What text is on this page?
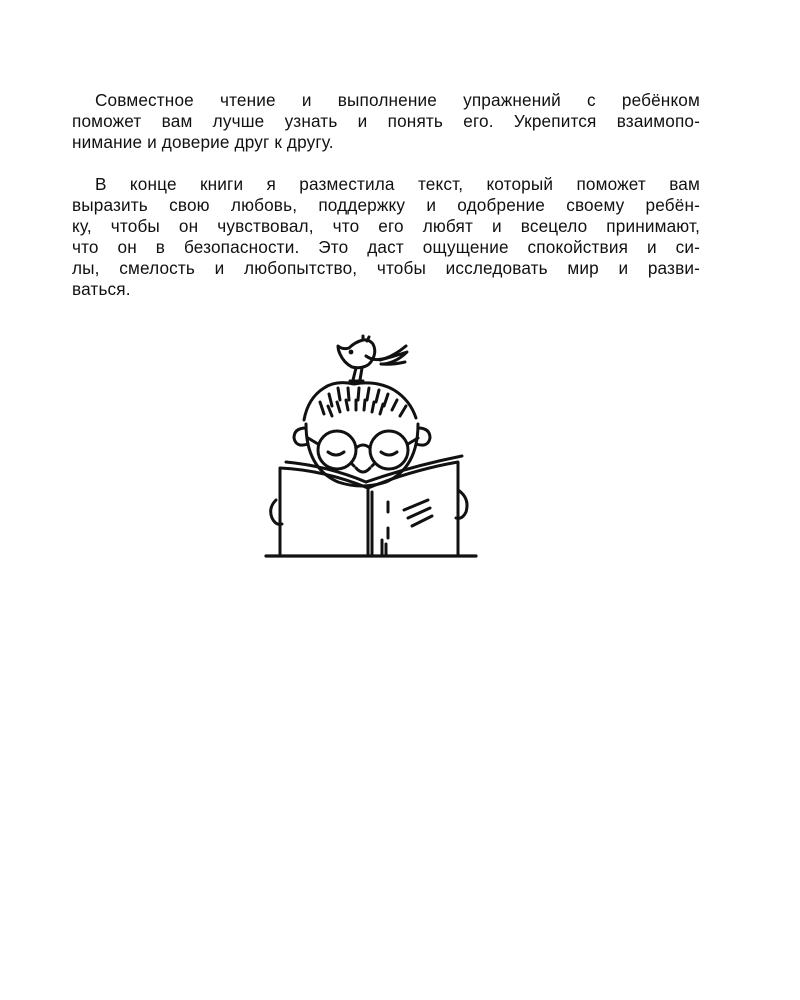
Совместное чтение и выполнение упражнений с ребёнком
поможет вам лучше узнать и понять его. Укрепится взаимопо-
нимание и доверие друг к другу.

В конце книги я разместила текст, который поможет вам
выразить свою любовь, поддержку и одобрение своему ребён-
ку, чтобы он чувствовал, что его любят и всецело принимают,
что он в безопасности. Это даст ощущение спокойствия и си-
лы, смелость и любопытство, чтобы исследовать мир и разви-
ваться.
